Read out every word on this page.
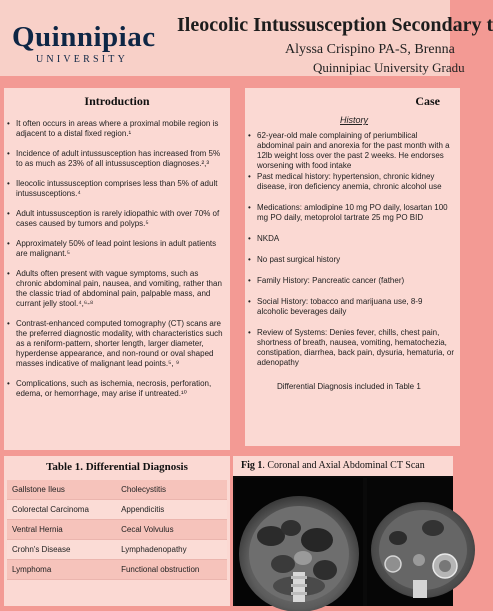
Quinnipiac
UNIVERSITY
Ileocolic Intussusception Secondary t
Alyssa Crispino PA-S, Brenna
Quinnipiac University Gradu
Introduction
• It often occurs in areas where a proximal mobile region is adjacent to a distal fixed region.¹
• Incidence of adult intussusception has increased from 5% to as much as 23% of all intussusception diagnoses.²,³
• Ileocolic intussusception comprises less than 5% of adult intussusceptions.⁴
• Adult intussusception is rarely idiopathic with over 70% of cases caused by tumors and polyps.⁵
• Approximately 50% of lead point lesions in adult patients are malignant.⁵
• Adults often present with vague symptoms, such as chronic abdominal pain, nausea, and vomiting, rather than the classic triad of abdominal pain, palpable mass, and currant jelly stool.⁴,⁶-⁸
• Contrast-enhanced computed tomography (CT) scans are the preferred diagnostic modality, with characteristics such as a reniform-pattern, shorter length, larger diameter, hyperdense appearance, and non-round or oval shaped masses indicative of malignant lead points.⁵, ⁹
• Complications, such as ischemia, necrosis, perforation, edema, or hemorrhage, may arise if untreated.¹⁰
Case
History
• 62-year-old male complaining of periumbilical abdominal pain and anorexia for the past month with a 12lb weight loss over the past 2 weeks. He endorses worsening with food intake
• Past medical history: hypertension, chronic kidney disease, iron deficiency anemia, chronic alcohol use
• Medications: amlodipine 10 mg PO daily, losartan 100 mg PO daily, metoprolol tartrate 25 mg PO BID
• NKDA
• No past surgical history
• Family History: Pancreatic cancer (father)
• Social History: tobacco and marijuana use, 8-9 alcoholic beverages daily
• Review of Systems: Denies fever, chills, chest pain, shortness of breath, nausea, vomiting, hematochezia, constipation, diarrhea, back pain, dysuria, hematuria, or adenopathy
Differential Diagnosis included in Table 1
Table 1. Differential Diagnosis
Gallstone Ileus	Cholecystitis
Colorectal Carcinoma	Appendicitis
Ventral Hernia	Cecal Volvulus
Crohn's Disease	Lymphadenopathy
Lymphoma	Functional obstruction
Fig 1. Coronal and Axial Abdominal CT Scan
